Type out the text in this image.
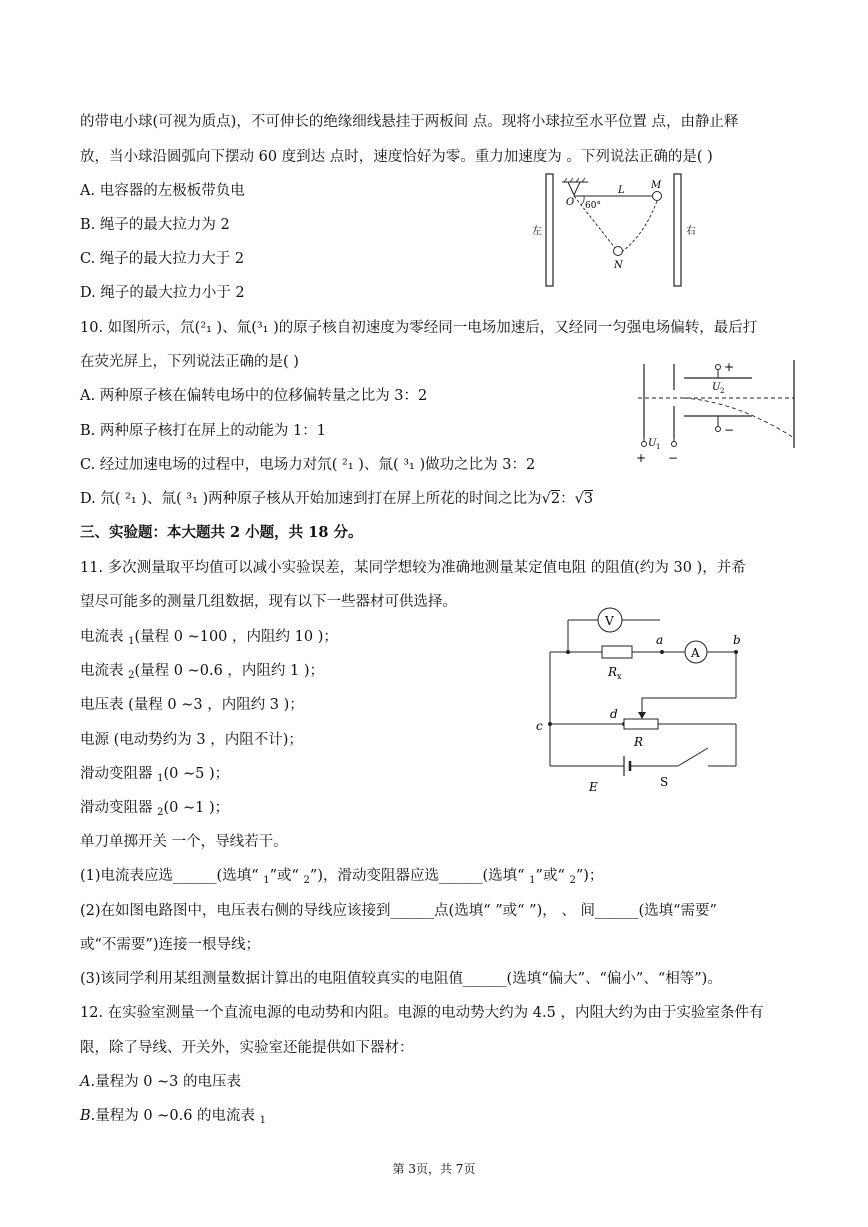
的带电小球(可视为质点)，不可伸长的绝缘细线悬挂于两板间 点。现将小球拉至水平位置 点，由静止释
放，当小球沿圆弧向下摆动 60 度到达 点时，速度恰好为零。重力加速度为 。下列说法正确的是( )
A. 电容器的左极板带负电
B. 绳子的最大拉力为 2
C. 绳子的最大拉力大于 2
D. 绳子的最大拉力小于 2
左	右
O 60°
L	M
N
10. 如图所示，氘(²₁ )、氚(³₁ )的原子核自初速度为零经同一电场加速后，又经同一匀强电场偏转，最后打
在荧光屏上，下列说法正确的是( )
A. 两种原子核在偏转电场中的位移偏转量之比为 3：2
B. 两种原子核打在屏上的动能为 1：1
C. 经过加速电场的过程中，电场力对氘( ²₁ )、氚( ³₁ )做功之比为 3：2
D. 氘( ²₁ )、氚( ³₁ )两种原子核从开始加速到打在屏上所花的时间之比为√2：√3
U 1
+ −
+
U 2
−
三、实验题：本大题共 2 小题，共 18 分。
11. 多次测量取平均值可以减小实验误差，某同学想较为准确地测量某定值电阻 的阻值(约为 30 )，并希
望尽可能多的测量几组数据，现有以下一些器材可供选择。
电流表 $_1$(量程 0 ∼100 ，内阻约 10 )；
电流表 $_2$(量程 0 ∼0.6 ，内阻约 1 )；
电压表 (量程 0 ∼3 ，内阻约 3 )；
电源 (电动势约为 3 ，内阻不计)；
滑动变阻器 $_1$(0 ∼5 )；
滑动变阻器 $_2$(0 ∼1 )；
单刀单掷开关 一个，导线若干。
(1)电流表应选______(选填“ $_1$”或“ $_2$”)，滑动变阻器应选______(选填“ $_1$”或“ $_2$”)；
(2)在如图电路图中，电压表右侧的导线应该接到______点(选填“ ”或“ ”)， 、 间______(选填“需要”
或“不需要”)连接一根导线；
(3)该同学利用某组测量数据计算出的电阻值较真实的电阻值______(选填“偏大”、“偏小”、“相等”)。
V
R x
a
A
b
c
d
R
E	S
12. 在实验室测量一个直流电源的电动势和内阻。电源的电动势大约为 4.5 ，内阻大约为由于实验室条件有
限，除了导线、开关外，实验室还能提供如下器材：
A.量程为 0 ∼3 的电压表
B.量程为 0 ∼0.6 的电流表 $_1$
第 3页，共 7页
